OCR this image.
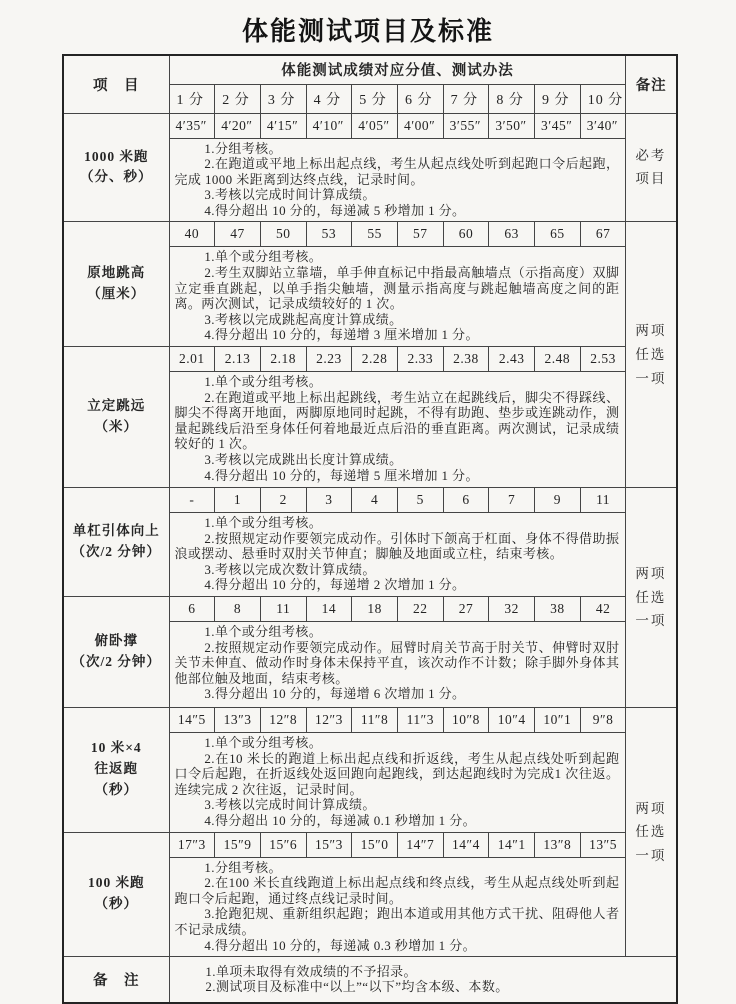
体能测试项目及标准
项　目	体能测试成绩对应分值、测试办法										备注
	1 分	2 分	3 分	4 分	5 分	6 分	7 分	8 分	9 分	10 分	

1000 米跑
（分、秒）	4′35″	4′20″	4′15″	4′10″	4′05″	4′00″	3′55″	3′50″	3′45″	3′40″	必考项目

	1.分组考核。

2.在跑道或平地上标出起点线，考生从起点线处听到起跑口令后起跑，完成 1000 米距离到达终点线，记录时间。

3.考核以完成时间计算成绩。

4.得分超出 10 分的，每递减 5 秒增加 1 分。										

原地跳高
（厘米）	40	47	50	53	55	57	60	63	65	67	两项任选一项

	1.单个或分组考核。

2.考生双脚站立靠墙，单手伸直标记中指最高触墙点（示指高度）双脚立定垂直跳起，以单手指尖触墙，测量示指高度与跳起触墙高度之间的距离。两次测试，记录成绩较好的 1 次。

3.考核以完成跳起高度计算成绩。

4.得分超出 10 分的，每递增 3 厘米增加 1 分。										

立定跳远
（米）	2.01	2.13	2.18	2.23	2.28	2.33	2.38	2.43	2.48	2.53	

	1.单个或分组考核。

2.在跑道或平地上标出起跳线，考生站立在起跳线后，脚尖不得踩线、脚尖不得离开地面，两脚原地同时起跳，不得有助跑、垫步或连跳动作，测量起跳线后沿至身体任何着地最近点后沿的垂直距离。两次测试，记录成绩较好的 1 次。

3.考核以完成跳出长度计算成绩。

4.得分超出 10 分的，每递增 5 厘米增加 1 分。										

单杠引体向上
（次/2 分钟）	-	1	2	3	4	5	6	7	9	11	两项任选一项

	1.单个或分组考核。

2.按照规定动作要领完成动作。引体时下颌高于杠面、身体不得借助振浪或摆动、悬垂时双肘关节伸直；脚触及地面或立柱，结束考核。

3.考核以完成次数计算成绩。

4.得分超出 10 分的，每递增 2 次增加 1 分。										

俯卧撑
（次/2 分钟）	6	8	11	14	18	22	27	32	38	42	

	1.单个或分组考核。

2.按照规定动作要领完成动作。屈臂时肩关节高于肘关节、伸臂时双肘关节未伸直、做动作时身体未保持平直，该次动作不计数；除手脚外身体其他部位触及地面，结束考核。

3.得分超出 10 分的，每递增 6 次增加 1 分。										

10 米×4
往返跑
（秒）	14″5	13″3	12″8	12″3	11″8	11″3	10″8	10″4	10″1	9″8	两项任选一项

	1.单个或分组考核。

2.在10 米长的跑道上标出起点线和折返线，考生从起点线处听到起跑口令后起跑，在折返线处返回跑向起跑线，到达起跑线时为完成1 次往返。连续完成 2 次往返，记录时间。

3.考核以完成时间计算成绩。

4.得分超出 10 分的，每递减 0.1 秒增加 1 分。										

100 米跑
（秒）	17″3	15″9	15″6	15″3	15″0	14″7	14″4	14″1	13″8	13″5	

	1.分组考核。

2.在100 米长直线跑道上标出起点线和终点线，考生从起点线处听到起跑口令后起跑，通过终点线记录时间。

3.抢跑犯规、重新组织起跑；跑出本道或用其他方式干扰、阻碍他人者不记录成绩。

4.得分超出 10 分的，每递减 0.3 秒增加 1 分。										

备　注	1.单项未取得有效成绩的不予招录。

2.测试项目及标准中“以上”“以下”均含本级、本数。										
